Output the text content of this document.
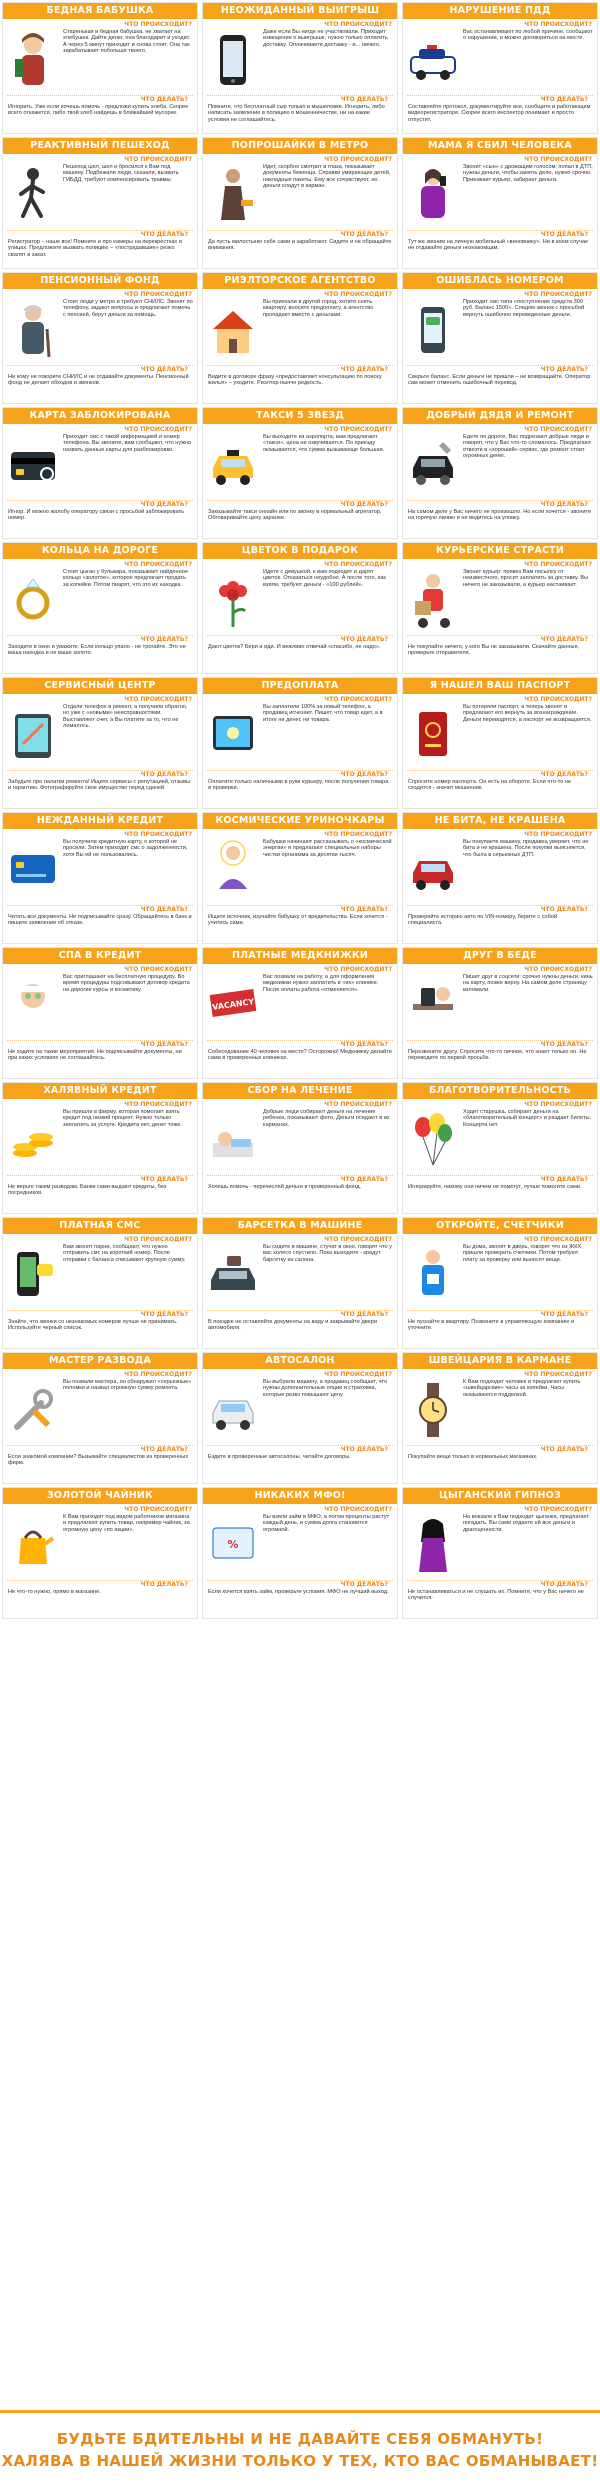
БЕДНАЯ БАБУШКА
ЧТО ПРОИСХОДИТ?
Старенькая и бедная бабушка, не хватает на хлебушек. Дайте денег, она благодарит и уходит. А через 5 минут приходит и снова стоит. Она так зарабатывает побольше твоего.
ЧТО ДЕЛАТЬ?
Игнорить. Уже если хочешь помочь - предложи купить хлеба. Скорее всего откажется, либо твой хлеб найдешь в ближайшей мусорке.
НЕОЖИДАННЫЙ ВЫИГРЫШ
ЧТО ПРОИСХОДИТ?
Даже если Вы нигде не участвовали. Приходит извещение о выигрыше, нужно только оплатить доставку. Оплачиваете доставку - и... ничего.
ЧТО ДЕЛАТЬ?
Помните, что бесплатный сыр только в мышеловке. Игнорить, либо написать заявление в полицию о мошенничестве, ни на какие условия не соглашайтесь.
НАРУШЕНИЕ ПДД
ЧТО ПРОИСХОДИТ?
Вас останавливают по любой причине, сообщают о нарушении, и можно договориться на месте.
ЧТО ДЕЛАТЬ?
Составляйте протокол, документируйте все, сообщите в работающем видеорегистраторе. Скорее всего инспектор понимает и просто отпустит.
РЕАКТИВНЫЙ ПЕШЕХОД
ЧТО ПРОИСХОДИТ?
Пешеход шел, шел и бросился к Вам под машину. Подбежали люди, сказали, вызвать ГИБДД, требуют компенсировать травмы.
ЧТО ДЕЛАТЬ?
Регистратор – наше все! Помните и про камеры на перекрестках и улицах. Предложите вызвать полицию – «пострадавшие» резко свалят в закат.
ПОПРОШАЙКИ В МЕТРО
ЧТО ПРОИСХОДИТ?
Идет, скорбно смотрит в глаза, показывает документы беженца. Справки умирающих детей, накладные пакеты. Ему все сочувствуют, но деньги кладут в карман.
ЧТО ДЕЛАТЬ?
Да пусть милостыню себе сами и заработают. Сидите и не обращайте внимания.
МАМА Я СБИЛ ЧЕЛОВЕКА
ЧТО ПРОИСХОДИТ?
Звонит «сын» с дрожащим голосом: попал в ДТП, нужны деньги, чтобы замять дело, нужно срочно. Приезжает курьер, забирает деньги.
ЧТО ДЕЛАТЬ?
Тут же звоним на личную мобильный «виновнику». Ни в коем случае не отдавайте деньги незнакомцам.
ПЕНСИОННЫЙ ФОНД
ЧТО ПРОИСХОДИТ?
Стоит люди у метро и требуют СНИЛС. Звонят по телефону, задают вопросы и предлагают помочь с пенсией, берут деньги за помощь.
ЧТО ДЕЛАТЬ?
Ни кому не говорите СНИЛС и не отдавайте документы. Пенсионный фонд не делает обходов и звонков.
РИЭЛТОРСКОЕ АГЕНТСТВО
ЧТО ПРОИСХОДИТ?
Вы приехали в другой город, хотите снять квартиру, вносите предоплату, а агентство пропадает вместе с деньгами.
ЧТО ДЕЛАТЬ?
Видите в договоре фразу «предоставляет консультацию по поиску жилья» – уходите. Риэлтор нынче редкость.
ОШИБЛАСЬ НОМЕРОМ
ЧТО ПРОИСХОДИТ?
Приходит смс типа «поступление средств 300 руб. Баланс 1500». Следом звонок с просьбой вернуть ошибочно переведенные деньги.
ЧТО ДЕЛАТЬ?
Сверьте баланс. Если деньги не пришли – не возвращайте. Оператор сам может отменить ошибочный перевод.
КАРТА ЗАБЛОКИРОВАНА
ЧТО ПРОИСХОДИТ?
Приходит смс с такой информацией и номер телефона. Вы звоните, вам сообщают, что нужно назвать данные карты для разблокировки.
ЧТО ДЕЛАТЬ?
Игнор. И можно жалобу оператору связи с просьбой заблокировать номер.
ТАКСИ 5 ЗВЕЗД
ЧТО ПРОИСХОДИТ?
Вы выходите из аэропорта, вам предлагают «такси», цена не озвучивается. По приезду оказывается, что сумма вызывающе большая.
ЧТО ДЕЛАТЬ?
Заказывайте такси онлайн или по звонку в нормальный агрегатор. Обговаривайте цену заранее.
ДОБРЫЙ ДЯДЯ И РЕМОНТ
ЧТО ПРОИСХОДИТ?
Едете по дороге, Вас подрезают добрые люди и говорят, что у Вас что-то сломалось. Предлагают отвезти в «хороший» сервис, где ремонт стоит огромных денег.
ЧТО ДЕЛАТЬ?
На самом деле у Вас ничего не произошло. Но если хочется - звоните на горячую линию и не ведитесь на уловку.
КОЛЬЦА НА ДОРОГЕ
ЧТО ПРОИСХОДИТ?
Стоит цыган у бульвара, показывает найденное кольцо «золотое», которое предлагает продать за копейки. Потом пиарят, что это их находка.
ЧТО ДЕЛАТЬ?
Заходите в окно и уважите. Если кольцо упало - не трогайте. Это не ваша находка и не ваше золото.
ЦВЕТОК В ПОДАРОК
ЧТО ПРОИСХОДИТ?
Идете с девушкой, к вам подходят и дарят цветок. Отказаться неудобно. А после того, как взяли, требуют деньги - «100 рублей».
ЧТО ДЕЛАТЬ?
Дают цветок? Бери и иди. И вежливо отвечай «спасибо, не надо».
КУРЬЕРСКИЕ СТРАСТИ
ЧТО ПРОИСХОДИТ?
Звонит курьер: привез Вам посылку от неизвестного, просит заплатить за доставку. Вы ничего не заказывали, а курьер настаивает.
ЧТО ДЕЛАТЬ?
Не покупайте ничего, у кого Вы не заказывали. Скачайте данные, проверьте отправителя.
СЕРВИСНЫЙ ЦЕНТР
ЧТО ПРОИСХОДИТ?
Отдали телефон в ремонт, а получили обратно, но уже с «новыми» неисправностями. Выставляют счет, а Вы платите за то, что не ломалось.
ЧТО ДЕЛАТЬ?
Забудьте про палатки ремонта! Ищите сервисы с репутацией, отзывы и гарантию. Фотографируйте свое имущество перед сдачей.
ПРЕДОПЛАТА
ЧТО ПРОИСХОДИТ?
Вы заплатили 100% за новый телефон, а продавец исчезает. Пишет, что товар едет, а в итоге ни денег, ни товара.
ЧТО ДЕЛАТЬ?
Оплатите только наличными в руки курьеру, после получения товара и проверки.
Я НАШЕЛ ВАШ ПАСПОРТ
ЧТО ПРОИСХОДИТ?
Вы потеряли паспорт, а теперь звонят и предлагают его вернуть за вознаграждение. Деньги переводятся, а паспорт не возвращается.
ЧТО ДЕЛАТЬ?
Спросите номер паспорта. Он есть на обороте. Если что-то не сходится - значит мошенник.
НЕЖДАННЫЙ КРЕДИТ
ЧТО ПРОИСХОДИТ?
Вы получили кредитную карту, о которой не просили. Затем приходит смс о задолженности, хотя Вы ей не пользовались.
ЧТО ДЕЛАТЬ?
Читать все документы. Не подписывайте сразу. Обращайтесь в банк и пишите заявление об отказе.
КОСМИЧЕСКИЕ УРИНОЧКАРЫ
ЧТО ПРОИСХОДИТ?
Бабушки начинают рассказывать о «космической энергии» и предлагают специальные наборы чистки организма за десятки тысяч.
ЧТО ДЕЛАТЬ?
Ищите источник, изучайте бабушку от вредительства. Если хочется - учитесь сами.
НЕ БИТА, НЕ КРАШЕНА
ЧТО ПРОИСХОДИТ?
Вы покупаете машину, продавец уверяет, что не бита и не крашена. После покупки выясняется, что была в серьезных ДТП.
ЧТО ДЕЛАТЬ?
Проверяйте историю авто по VIN-номеру, берите с собой специалиста.
СПА В КРЕДИТ
ЧТО ПРОИСХОДИТ?
Вас приглашают на бесплатную процедуру. Во время процедуры подсовывают договор кредита на дорогие курсы и косметику.
ЧТО ДЕЛАТЬ?
Не ходите на такие мероприятия. Не подписывайте документы, ни при каких условиях не соглашайтесь.
ПЛАТНЫЕ МЕДКНИЖКИ
ЧТО ПРОИСХОДИТ?
VACANCY
Вас позвали на работу, а для оформления медкнижки нужно заплатить в «их» клинике. После оплаты работа «отменяется».
ЧТО ДЕЛАТЬ?
Собеседование 40 человек на место? Осторожно! Медкнижку делайте сами в проверенных клиниках.
ДРУГ В БЕДЕ
ЧТО ПРОИСХОДИТ?
Пишет друг в соцсети: срочно нужны деньги, кинь на карту, позже верну. На самом деле страницу взломали.
ЧТО ДЕЛАТЬ?
Перезвоните другу. Спросите что-то личное, что знает только он. Не переводите по первой просьбе.
ХАЛЯВНЫЙ КРЕДИТ
ЧТО ПРОИСХОДИТ?
Вы пришли в фирму, которая помогает взять кредит под низкий процент. Нужно только заплатить за услуги. Кредита нет, денег тоже.
ЧТО ДЕЛАТЬ?
Не верьте таким разводам. Банки сами выдают кредиты, без посредников.
СБОР НА ЛЕЧЕНИЕ
ЧТО ПРОИСХОДИТ?
Добрые люди собирают деньги на лечение ребенка, показывают фото. Деньги оседают в их карманах.
ЧТО ДЕЛАТЬ?
Хочешь помочь - перечисляй деньги в проверенный фонд.
БЛАГОТВОРИТЕЛЬНОСТЬ
ЧТО ПРОИСХОДИТ?
Ходит старушка, собирает деньги на «благотворительный концерт» и раздает билеты. Концерта нет.
ЧТО ДЕЛАТЬ?
Игнорируйте, никому они ничем не помогут, лучше помогите сами.
ПЛАТНАЯ СМС
ЧТО ПРОИСХОДИТ?
Вам звонят парни, сообщают, что нужно отправить смс на короткий номер. После отправки с баланса списывают крупную сумму.
ЧТО ДЕЛАТЬ?
Знайте, что звонки со незнакомых номеров лучше не принимать. Используйте черный список.
БАРСЕТКА В МАШИНЕ
ЧТО ПРОИСХОДИТ?
Вы сидите в машине, стучат в окно, говорят что у вас колесо спустило. Пока выходите - крадут барсетку из салона.
ЧТО ДЕЛАТЬ?
В поездке не оставляйте документы на виду и закрывайте двери автомобиля.
ОТКРОЙТЕ, СЧЕТЧИКИ
ЧТО ПРОИСХОДИТ?
Вы дома, звонят в дверь, говорят что из ЖКХ, пришли проверить счетчики. Потом требуют плату за проверку или выносят вещи.
ЧТО ДЕЛАТЬ?
Не пускайте в квартиру. Позвоните в управляющую компанию и уточните.
МАСТЕР РАЗВОДА
ЧТО ПРОИСХОДИТ?
Вы позвали мастера, он обнаружил «серьезные» поломки и назвал огромную сумму ремонта.
ЧТО ДЕЛАТЬ?
Если знакомой компании? Вызывайте специалистов из проверенных фирм.
АВТОСАЛОН
ЧТО ПРОИСХОДИТ?
Вы выбрали машину, а продавец сообщает, что нужны дополнительные опции и страховка, которые резко повышают цену.
ЧТО ДЕЛАТЬ?
Ездите в проверенные автосалоны, читайте договоры.
ШВЕЙЦАРИЯ В КАРМАНЕ
ЧТО ПРОИСХОДИТ?
К Вам подходит человек и предлагает купить «швейцарские» часы за копейки. Часы оказываются подделкой.
ЧТО ДЕЛАТЬ?
Покупайте вещи только в нормальных магазинах.
ЗОЛОТОЙ ЧАЙНИК
ЧТО ПРОИСХОДИТ?
К Вам приходят под видом работников магазина и предлагают купить товар, например чайник, за огромную цену «по акции».
ЧТО ДЕЛАТЬ?
Не что-то нужно, прямо в магазине.
НИКАКИХ МФО!
ЧТО ПРОИСХОДИТ?
%
Вы взяли займ в МФО, а потом проценты растут каждый день, и сумма долга становится огромной.
ЧТО ДЕЛАТЬ?
Если хочется взять займ, проверьте условия. МФО не лучший выход.
ЦЫГАНСКИЙ ГИПНОЗ
ЧТО ПРОИСХОДИТ?
На вокзале к Вам подходит цыганка, предлагает погадать. Вы сами отдаете ей все деньги и драгоценности.
ЧТО ДЕЛАТЬ?
Не останавливаться и не слушать их. Помните, что у Вас ничего не случится.
БУДЬТЕ БДИТЕЛЬНЫ И НЕ ДАВАЙТЕ СЕБЯ ОБМАНУТЬ!
ХАЛЯВА В НАШЕЙ ЖИЗНИ ТОЛЬКО У ТЕХ, КТО ВАС ОБМАНЫВАЕТ!
